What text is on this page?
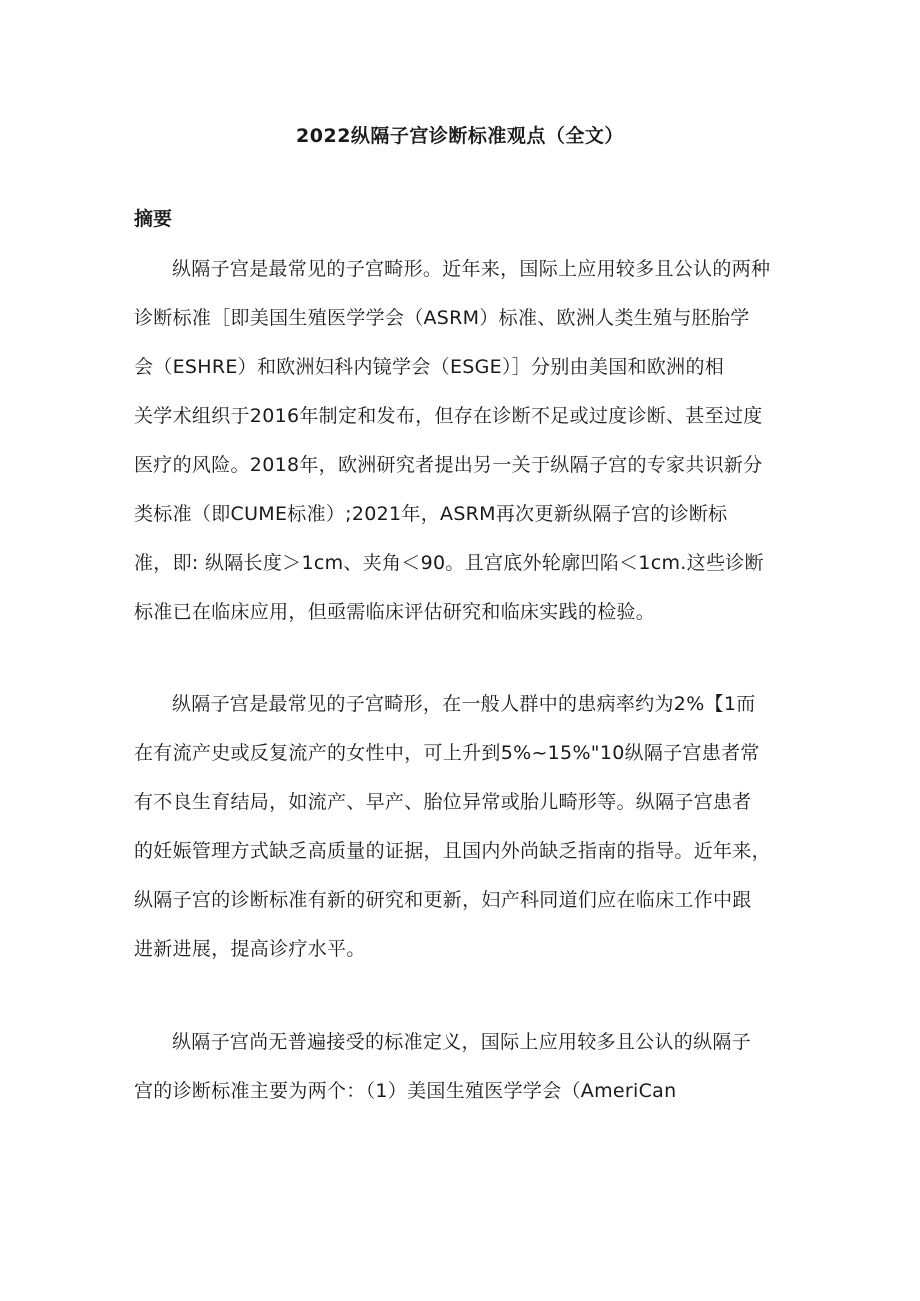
2022纵隔子宫诊断标准观点（全文）
摘要
纵隔子宫是最常见的子宫畸形。近年来，国际上应用较多且公认的两种
诊断标准［即美国生殖医学学会（ASRM）标准、欧洲人类生殖与胚胎学
会（ESHRE）和欧洲妇科内镜学会（ESGE）］分别由美国和欧洲的相
关学术组织于2016年制定和发布，但存在诊断不足或过度诊断、甚至过度
医疗的风险。2018年，欧洲研究者提出另一关于纵隔子宫的专家共识新分
类标准（即CUME标准）;2021年，ASRM再次更新纵隔子宫的诊断标
准，即: 纵隔长度＞1cm、夹角＜90。且宫底外轮廓凹陷＜1cm.这些诊断
标准已在临床应用，但亟需临床评估研究和临床实践的检验。
纵隔子宫是最常见的子宫畸形，在一般人群中的患病率约为2%【1而
在有流产史或反复流产的女性中，可上升到5%~15%"10纵隔子宫患者常
有不良生育结局，如流产、早产、胎位异常或胎儿畸形等。纵隔子宫患者
的妊娠管理方式缺乏高质量的证据，且国内外尚缺乏指南的指导。近年来，
纵隔子宫的诊断标准有新的研究和更新，妇产科同道们应在临床工作中跟
进新进展，提高诊疗水平。
纵隔子宫尚无普遍接受的标准定义，国际上应用较多且公认的纵隔子
宫的诊断标准主要为两个：（1）美国生殖医学学会（AmeriCan
